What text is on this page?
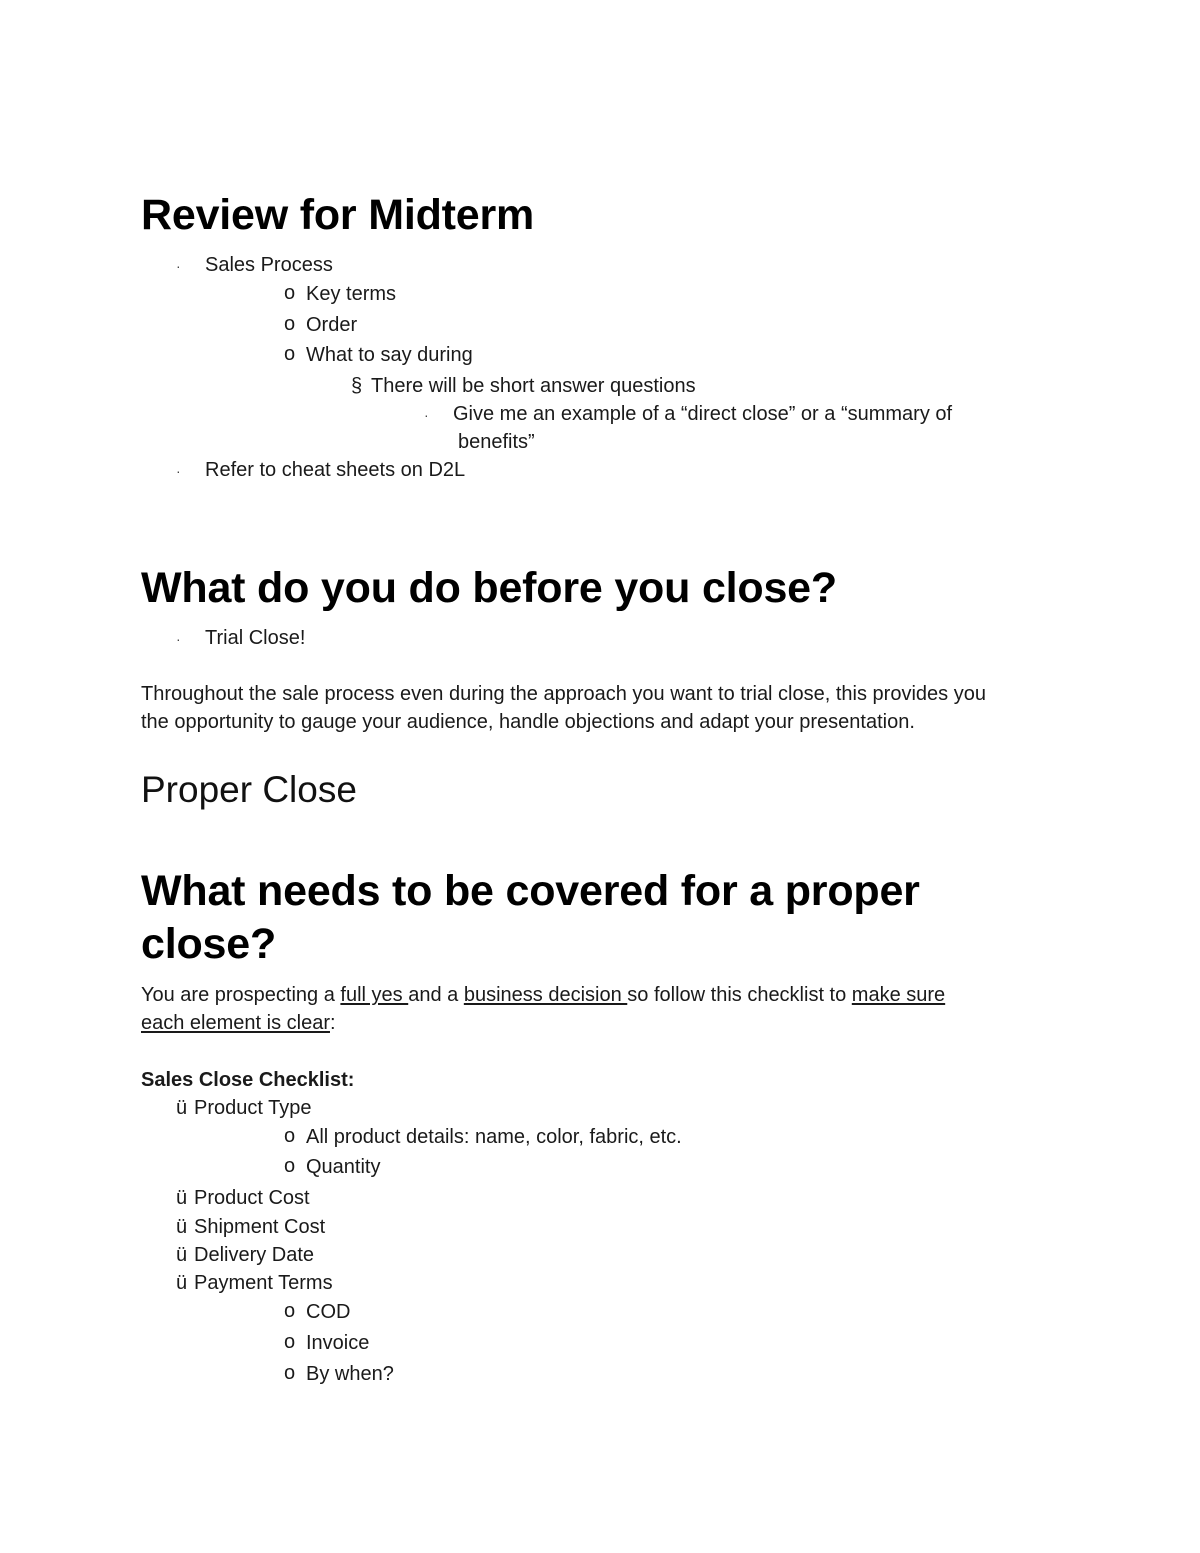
Review for Midterm
· Sales Process
o Key terms
o Order
o What to say during
§ There will be short answer questions
· Give me an example of a “direct close” or a “summary of
benefits”
· Refer to cheat sheets on D2L
What do you do before you close?
· Trial Close!
Throughout the sale process even during the approach you want to trial close, this provides you
the opportunity to gauge your audience, handle objections and adapt your presentation.
Proper Close
What needs to be covered for a proper
close?
You are prospecting a full yes and a business decision so follow this checklist to make sure
each element is clear:
Sales Close Checklist:
ü Product Type
o All product details: name, color, fabric, etc.
o Quantity
ü Product Cost
ü Shipment Cost
ü Delivery Date
ü Payment Terms
o COD
o Invoice
o By when?
